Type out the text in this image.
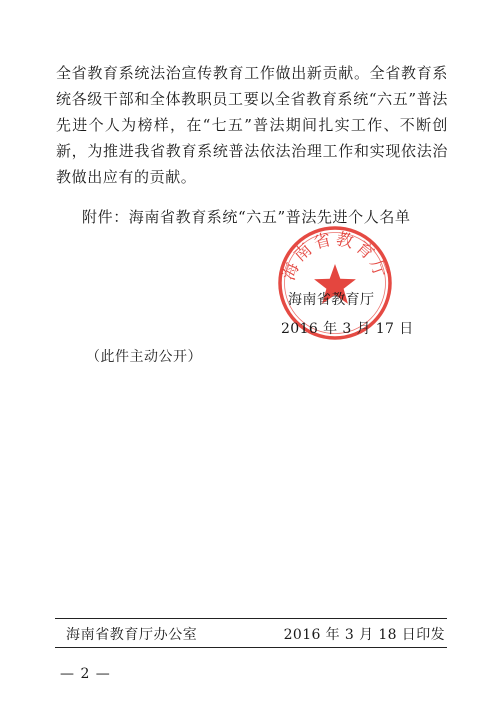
全省教育系统法治宣传教育工作做出新贡献。全省教育系统各级干部和全体教职员工要以全省教育系统“六五”普法先进个人为榜样，在“七五”普法期间扎实工作、不断创新，为推进我省教育系统普法依法治理工作和实现依法治教做出应有的贡献。

附件：海南省教育系统“六五”普法先进个人名单

海南省教育厅

海南省教育厅

2016 年 3 月 17 日

（此件主动公开）

海南省教育厅办公室	2016 年 3 月 18 日印发
— 2 —
